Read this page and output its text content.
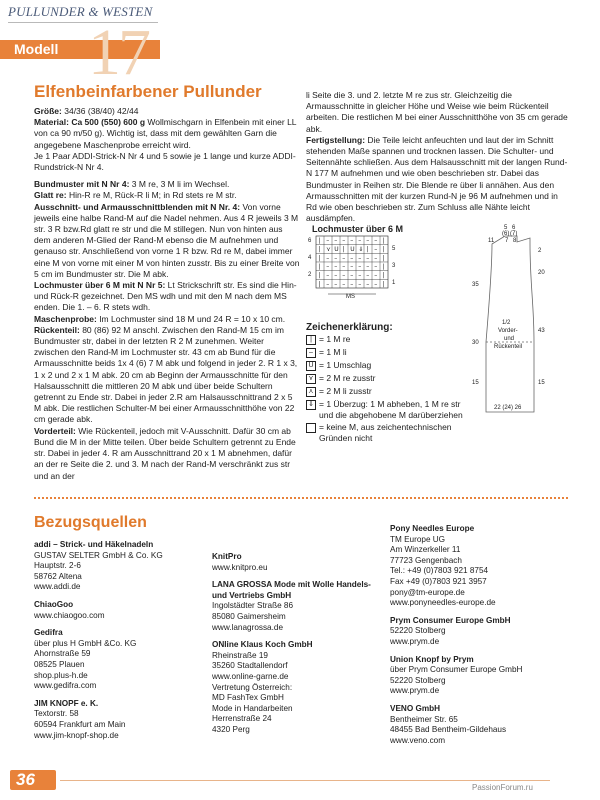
PULLUNDER & WESTEN
17
Modell
Elfenbeinfarbener Pullunder

Größe: 34/36 (38/40) 42/44

Material: Ca 500 (550) 600 g Wollmischgarn in Elfenbein mit einer LL von ca 90 m/50 g). Wichtig ist, dass mit dem gewählten Garn die angegebene Maschenprobe erreicht wird.

Je 1 Paar ADDI-Strick-N Nr 4 und 5 sowie je 1 lange und kurze ADDI-Rundstrick-N Nr 4.

Bundmuster mit N Nr 4: 3 M re, 3 M li im Wechsel.

Glatt re: Hin-R re M, Rück-R li M; in Rd stets re M str.

Ausschnitt- und Armausschnittblenden mit N Nr. 4: Von vorne jeweils eine halbe Rand-M auf die Nadel nehmen. Aus 4 R jeweils 3 M str. 3 R bzw.Rd glatt re str und die M stillegen. Nun von hinten aus dem anderen M-Glied der Rand-M ebenso die M aufnehmen und genauso str. Anschließend von vorne 1 R bzw. Rd re M, dabei immer eine M von vorne mit einer M von hinten zusstr. Bis zu einer Breite von 5 cm im Bundmuster str. Die M abk.

Lochmuster über 6 M mit N Nr 5: Lt Strickschrift str. Es sind die Hin- und Rück-R gezeichnet. Den MS wdh und mit den M nach dem MS enden. Die 1. – 6. R stets wdh.

Maschenprobe: Im Lochmuster sind 18 M und 24 R = 10 x 10 cm.

Rückenteil: 80 (86) 92 M anschl. Zwischen den Rand-M 15 cm im Bundmuster str, dabei in der letzten R 2 M zunehmen. Weiter zwischen den Rand-M im Lochmuster str. 43 cm ab Bund für die Armausschnitte beids 1x 4 (6) 7 M abk und folgend in jeder 2. R 1 x 3, 1 x 2 und 2 x 1 M abk. 20 cm ab Beginn der Armausschnitte für den Halsausschnitt die mittleren 20 M abk und über beide Schultern getrennt zu Ende str. Dabei in jeder 2.R am Halsausschnittrand 2 x 5 M abk. Die restlichen Schulter-M bei einer Armausschnitthöhe von 22 cm gerade abk.

Vorderteil: Wie Rückenteil, jedoch mit V-Ausschnitt. Dafür 30 cm ab Bund die M in der Mitte teilen. Über beide Schultern getrennt zu Ende str. Dabei in jeder 4. R am Ausschnittrand 20 x 1 M abnehmen, dafür an der re Seite die 2. und 3. M nach der Rand-M verschränkt zus str und an der

li Seite die 3. und 2. letzte M re zus str. Gleichzeitig die Armausschnitte in gleicher Höhe und Weise wie beim Rückenteil arbeiten. Die restlichen M bei einer Ausschnitthöhe von 35 cm gerade abk.

Fertigstellung: Die Teile leicht anfeuchten und laut der im Schnitt stehenden Maße spannen und trocknen lassen. Die Schulter- und Seitennähte schließen. Aus dem Halsausschnitt mit der langen Rund-N 177 M aufnehmen und wie oben beschrieben str. Dabei das Bundmuster in Reihen str. Die Blende re über li annähen. Aus den Armausschnitten mit der kurzen Rund-N je 96 M aufnehmen und in Rd wie oben beschrieben str. Zum Schluss alle Nähte leicht ausdämpfen.

Lochmuster über 6 M
| – – – – – – – |
| ⋎ U | U ⇓ | – |
| – – – – – – – |
| – – – – – – – |
| – – – – – – – |
| – – – – – – – |
6
4
2
5
3
1
MS
Zeichenerklärung:
| = 1 M re
– = 1 M li
U = 1 Umschlag
⋎ = 2 M re zusstr
⋏ = 2 M li zusstr
⇓ = 1 Überzug: 1 M abheben, 1 M re str und die abgehobene M darüberziehen
= keine M, aus zeichentechnischen Gründen nicht
5
(6)
6
(7)
11 7 8
2
20
43
15
35
30
15
1/2
Vorder-
und
Rückenteil
22 (24) 26
Bezugsquellen
addi – Strick- und Häkelnadeln
GUSTAV SELTER GmbH & Co. KG
Hauptstr. 2-6
58762 Altena
www.addi.de
ChiaoGoo
www.chiaogoo.com
Gedifra
über plus H GmbH &Co. KG
Ahornstraße 59
08525 Plauen
shop.plus-h.de
www.gedifra.com
JIM KNOPF e. K.
Textorstr. 58
60594 Frankfurt am Main
www.jim-knopf-shop.de
KnitPro
www.knitpro.eu
LANA GROSSA Mode mit Wolle Handels- und Vertriebs GmbH
Ingolstädter Straße 86
85080 Gaimersheim
www.lanagrossa.de
ONline Klaus Koch GmbH
Rheinstraße 19
35260 Stadtallendorf
www.online-garne.de
Vertretung Österreich:
MD FashTex GmbH
Mode in Handarbeiten
Herrenstraße 24
4320 Perg
Pony Needles Europe
TM Europe UG
Am Winzerkeller 11
77723 Gengenbach
Tel.: +49 (0)7803 921 8754
Fax +49 (0)7803 921 3957
pony@tm-europe.de
www.ponyneedles-europe.de
Prym Consumer Europe GmbH
52220 Stolberg
www.prym.de
Union Knopf by Prym
über Prym Consumer Europe GmbH
52220 Stolberg
www.prym.de
VENO GmbH
Bentheimer Str. 65
48455 Bad Bentheim-Gildehaus
www.veno.com
36	PassionForum.ru
